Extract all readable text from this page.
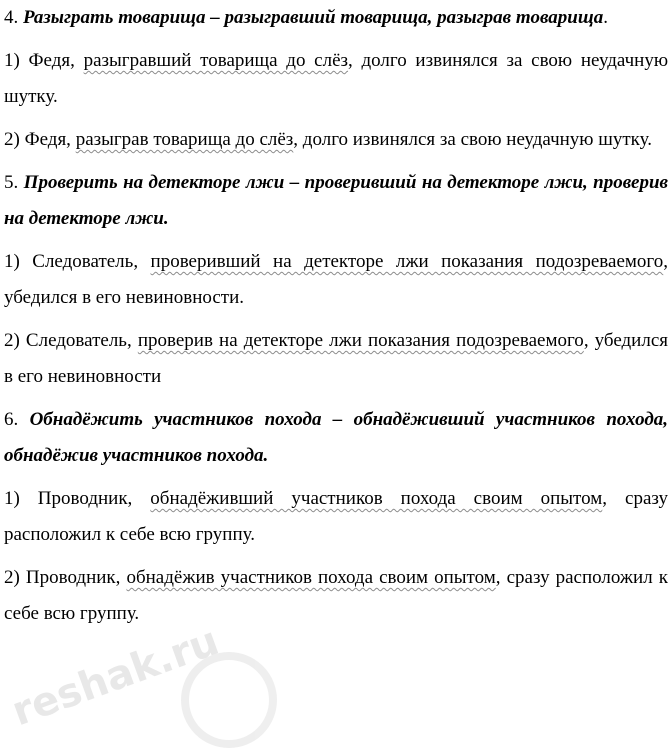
4. Разыграть товарища – разыгравший товарища, разыграв товарища.

1) Федя, разыгравший товарища до слёз, долго извинялся за свою неудачную шутку.

2) Федя, разыграв товарища до слёз, долго извинялся за свою неудачную шутку.

5. Проверить на детекторе лжи – проверивший на детекторе лжи, проверив на детекторе лжи.

1) Следователь, проверивший на детекторе лжи показания подозреваемого, убедился в его невиновности.

2) Следователь, проверив на детекторе лжи показания подозреваемого, убедился в его невиновности

6. Обнадёжить участников похода – обнадёживший участников похода, обнадёжив участников похода.

1) Проводник, обнадёживший участников похода своим опытом, сразу расположил к себе всю группу.

2) Проводник, обнадёжив участников похода своим опытом, сразу расположил к себе всю группу.

reshak.ru
